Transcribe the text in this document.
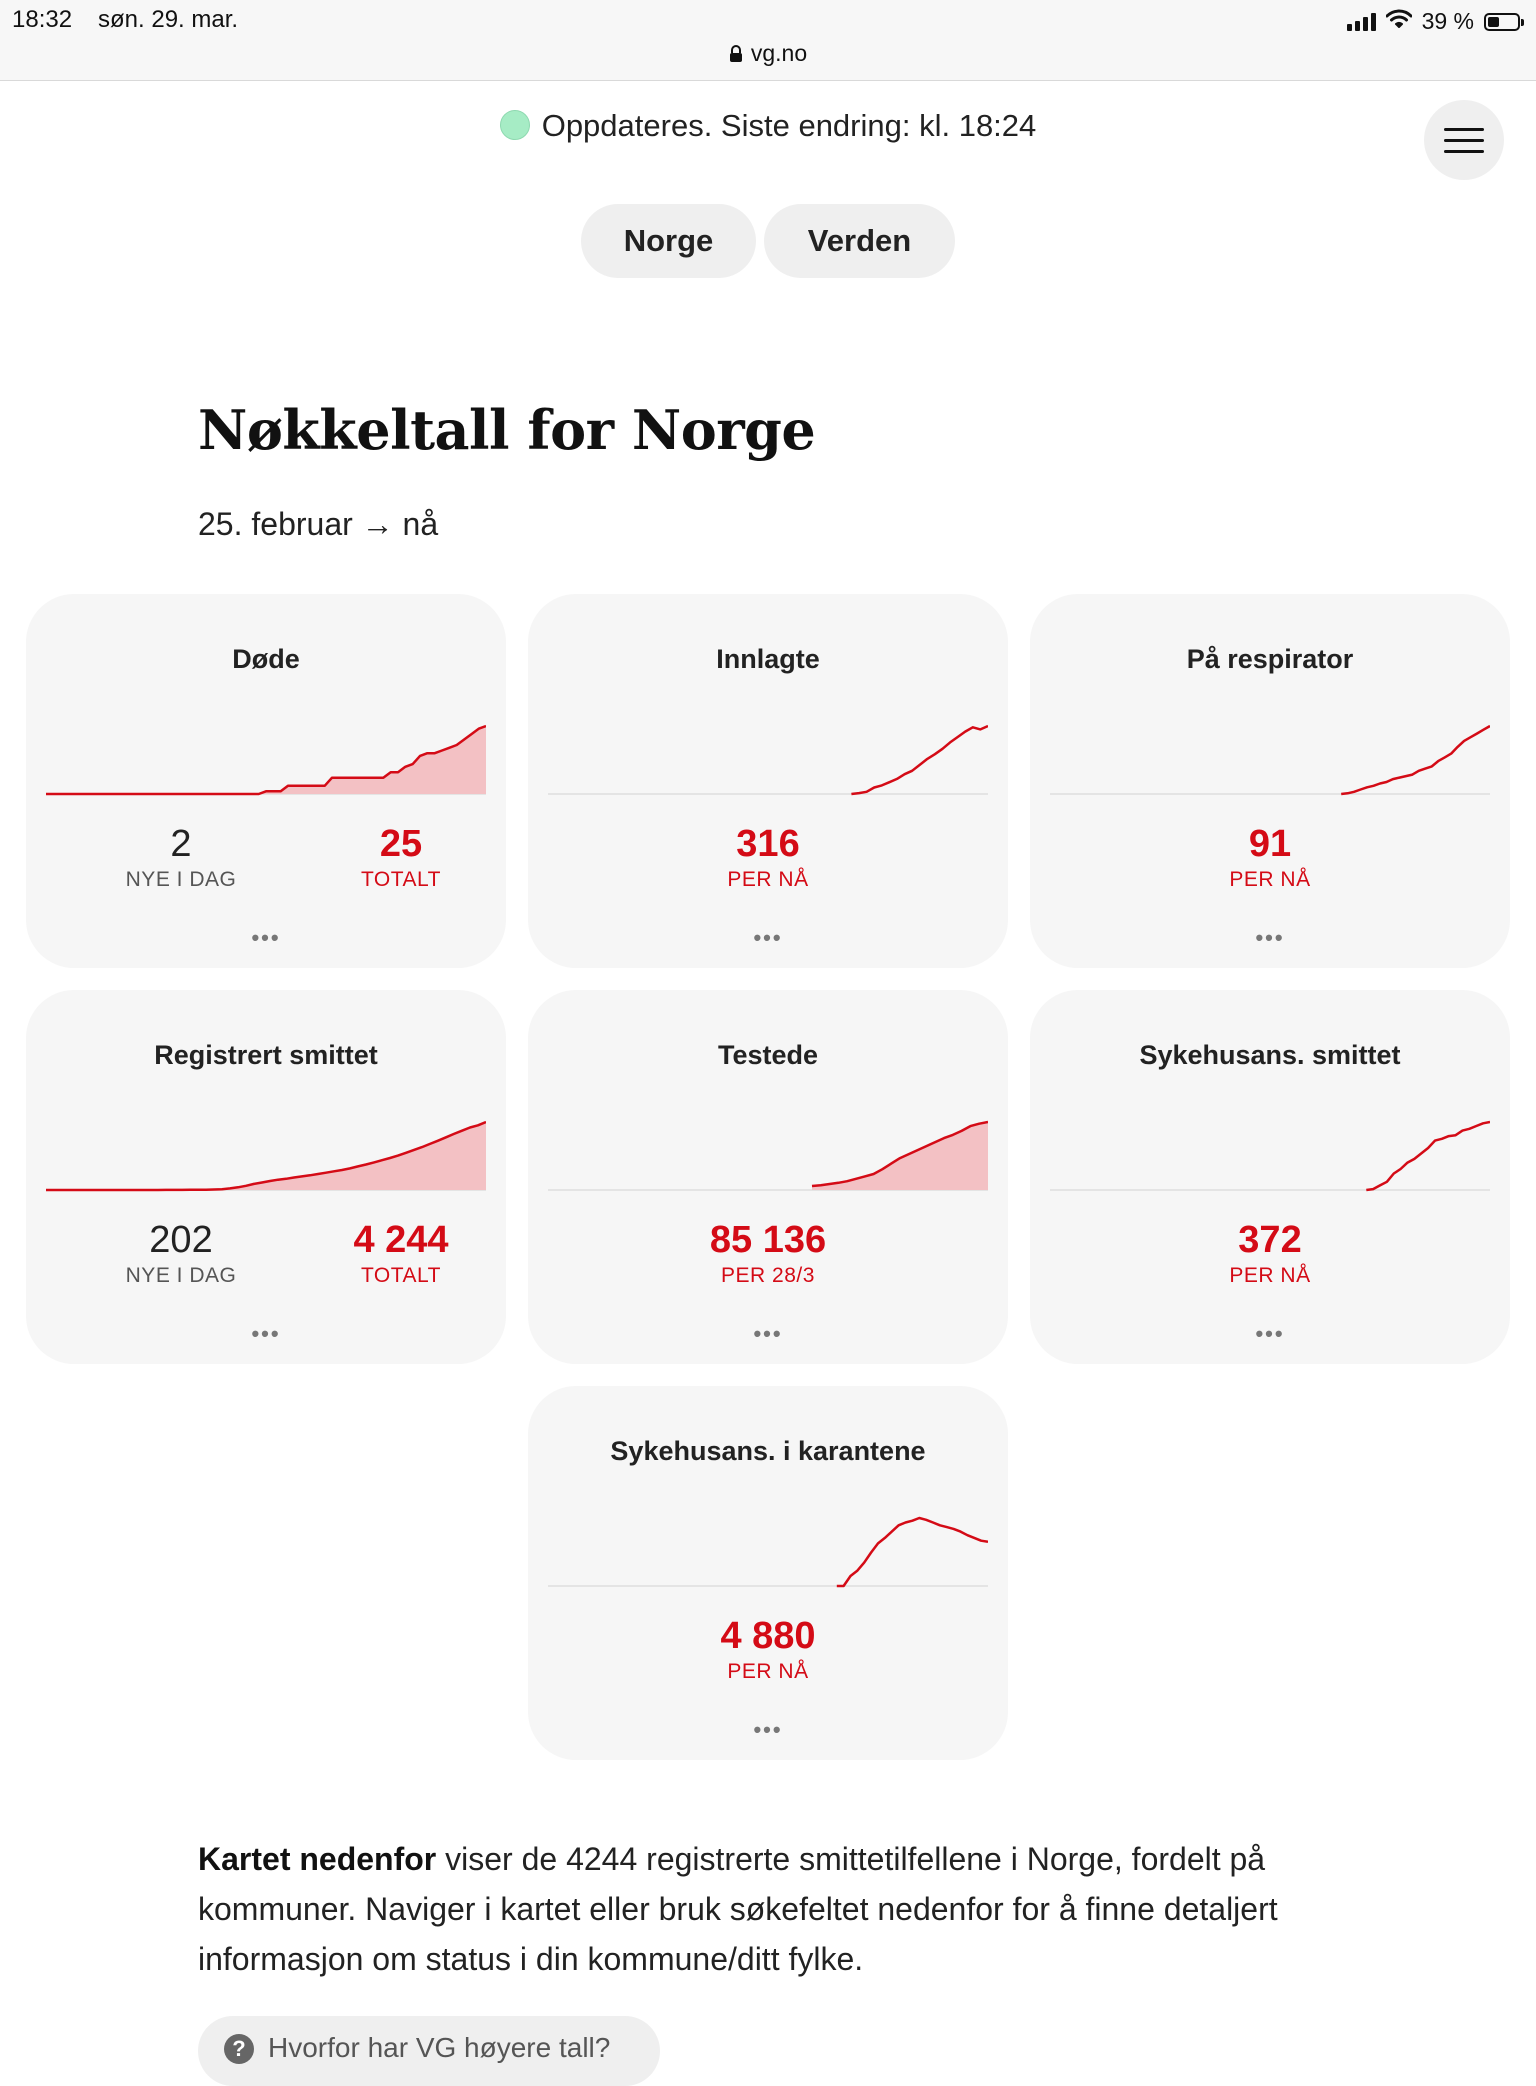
18:32 søn. 29. mar.
vg.no
39 %
Oppdateres. Siste endring: kl. 18:24
Norge	Verden
Nøkkeltall for Norge
25. februar → nå
Døde
2
NYE I DAG
25
TOTALT
•••
Innlagte
316
PER NÅ
•••
På respirator
91
PER NÅ
•••
Registrert smittet
202
NYE I DAG
4 244
TOTALT
•••
Testede
85 136
PER 28/3
•••
Sykehusans. smittet
372
PER NÅ
•••
Sykehusans. i karantene
4 880
PER NÅ
•••
Kartet nedenfor viser de 4244 registrerte smittetilfellene i Norge, fordelt på kommuner. Naviger i kartet eller bruk søkefeltet nedenfor for å finne detaljert informasjon om status i din kommune/ditt fylke.
? Hvorfor har VG høyere tall?
